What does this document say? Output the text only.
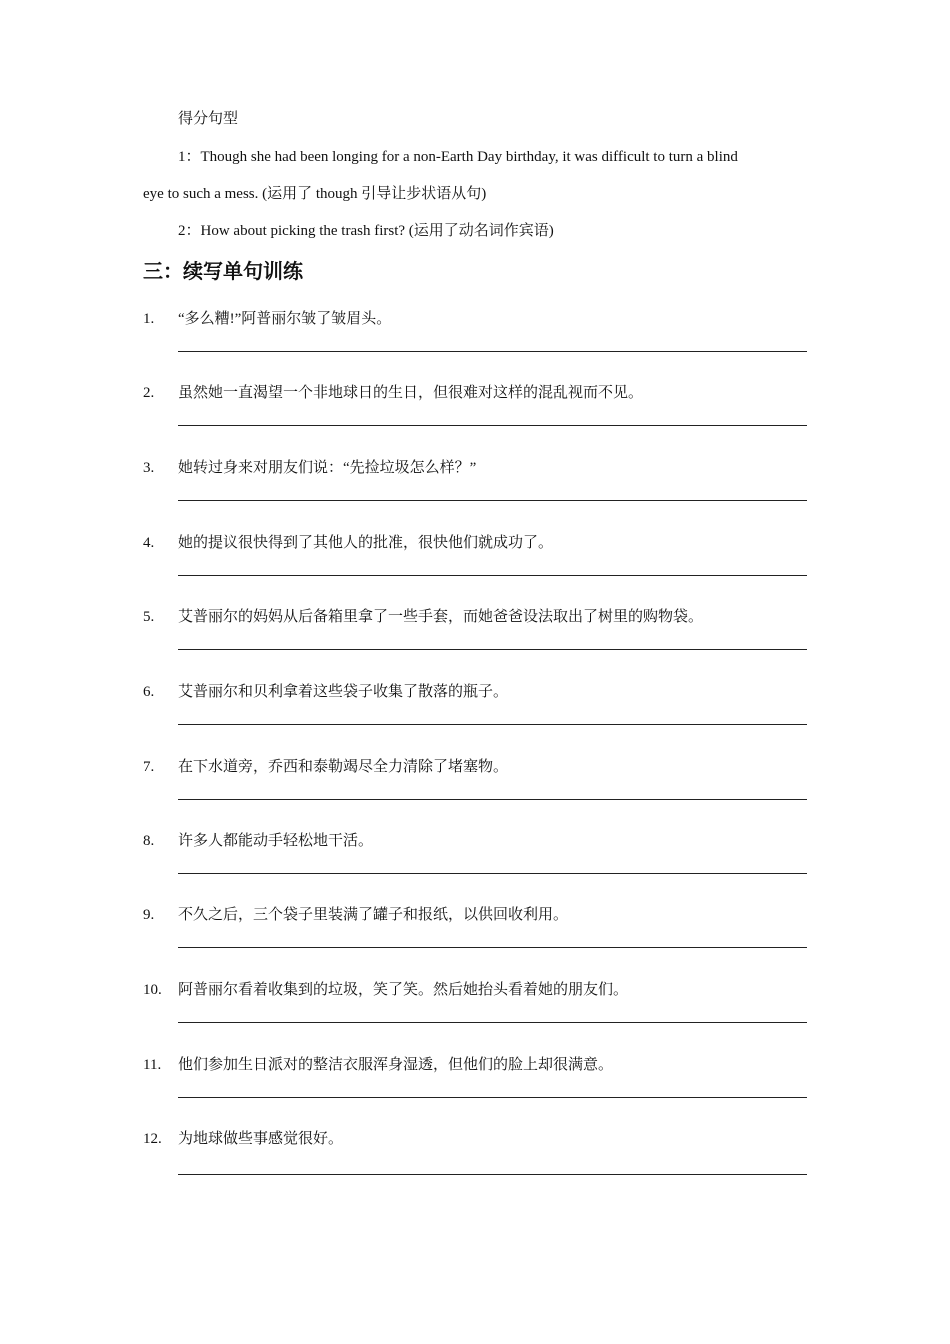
得分句型
1：Though she had been longing for a non-Earth Day birthday, it was difficult to turn a blind
eye to such a mess. (运用了 though 引导让步状语从句)
2：How about picking the trash first? (运用了动名词作宾语)
三：续写单句训练
1. “多么糟!”阿普丽尔皱了皱眉头。
2. 虽然她一直渴望一个非地球日的生日，但很难对这样的混乱视而不见。
3. 她转过身来对朋友们说：“先捡垃圾怎么样？”
4. 她的提议很快得到了其他人的批准，很快他们就成功了。
5. 艾普丽尔的妈妈从后备箱里拿了一些手套，而她爸爸设法取出了树里的购物袋。
6. 艾普丽尔和贝利拿着这些袋子收集了散落的瓶子。
7. 在下水道旁，乔西和泰勒竭尽全力清除了堵塞物。
8. 许多人都能动手轻松地干活。
9. 不久之后，三个袋子里装满了罐子和报纸，以供回收利用。
10. 阿普丽尔看着收集到的垃圾，笑了笑。然后她抬头看着她的朋友们。
11. 他们参加生日派对的整洁衣服浑身湿透，但他们的脸上却很满意。
12. 为地球做些事感觉很好。
